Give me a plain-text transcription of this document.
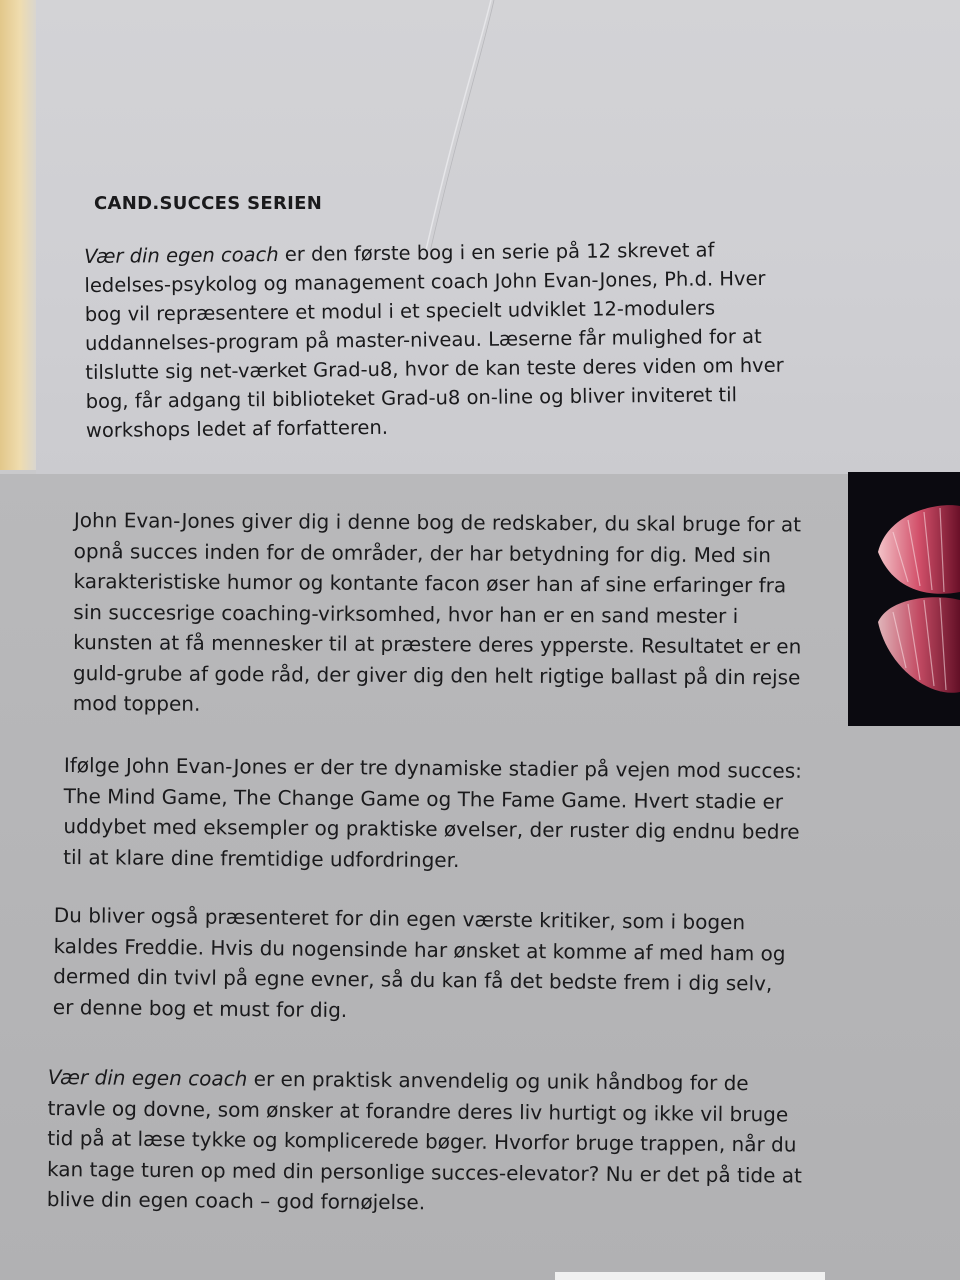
CAND.SUCCES SERIEN

Vær din egen coach er den første bog i en serie på 12 skrevet af ledelses-psykolog og management coach John Evan-Jones, Ph.d. Hver bog vil repræsentere et modul i et specielt udviklet 12-modulers uddannelses-program på master-niveau. Læserne får mulighed for at tilslutte sig net-værket Grad-u8, hvor de kan teste deres viden om hver bog, får adgang til biblioteket Grad-u8 on-line og bliver inviteret til workshops ledet af forfatteren.

John Evan-Jones giver dig i denne bog de redskaber, du skal bruge for at opnå succes inden for de områder, der har betydning for dig. Med sin karakteristiske humor og kontante facon øser han af sine erfaringer fra sin succesrige coaching-virksomhed, hvor han er en sand mester i kunsten at få mennesker til at præstere deres ypperste. Resultatet er en guld-grube af gode råd, der giver dig den helt rigtige ballast på din rejse mod toppen.

Ifølge John Evan-Jones er der tre dynamiske stadier på vejen mod succes: The Mind Game, The Change Game og The Fame Game. Hvert stadie er uddybet med eksempler og praktiske øvelser, der ruster dig endnu bedre til at klare dine fremtidige udfordringer.

Du bliver også præsenteret for din egen værste kritiker, som i bogen kaldes Freddie. Hvis du nogensinde har ønsket at komme af med ham og dermed din tvivl på egne evner, så du kan få det bedste frem i dig selv, er denne bog et must for dig.

Vær din egen coach er en praktisk anvendelig og unik håndbog for de travle og dovne, som ønsker at forandre deres liv hurtigt og ikke vil bruge tid på at læse tykke og komplicerede bøger. Hvorfor bruge trappen, når du kan tage turen op med din personlige succes-elevator? Nu er det på tide at blive din egen coach – god fornøjelse.
